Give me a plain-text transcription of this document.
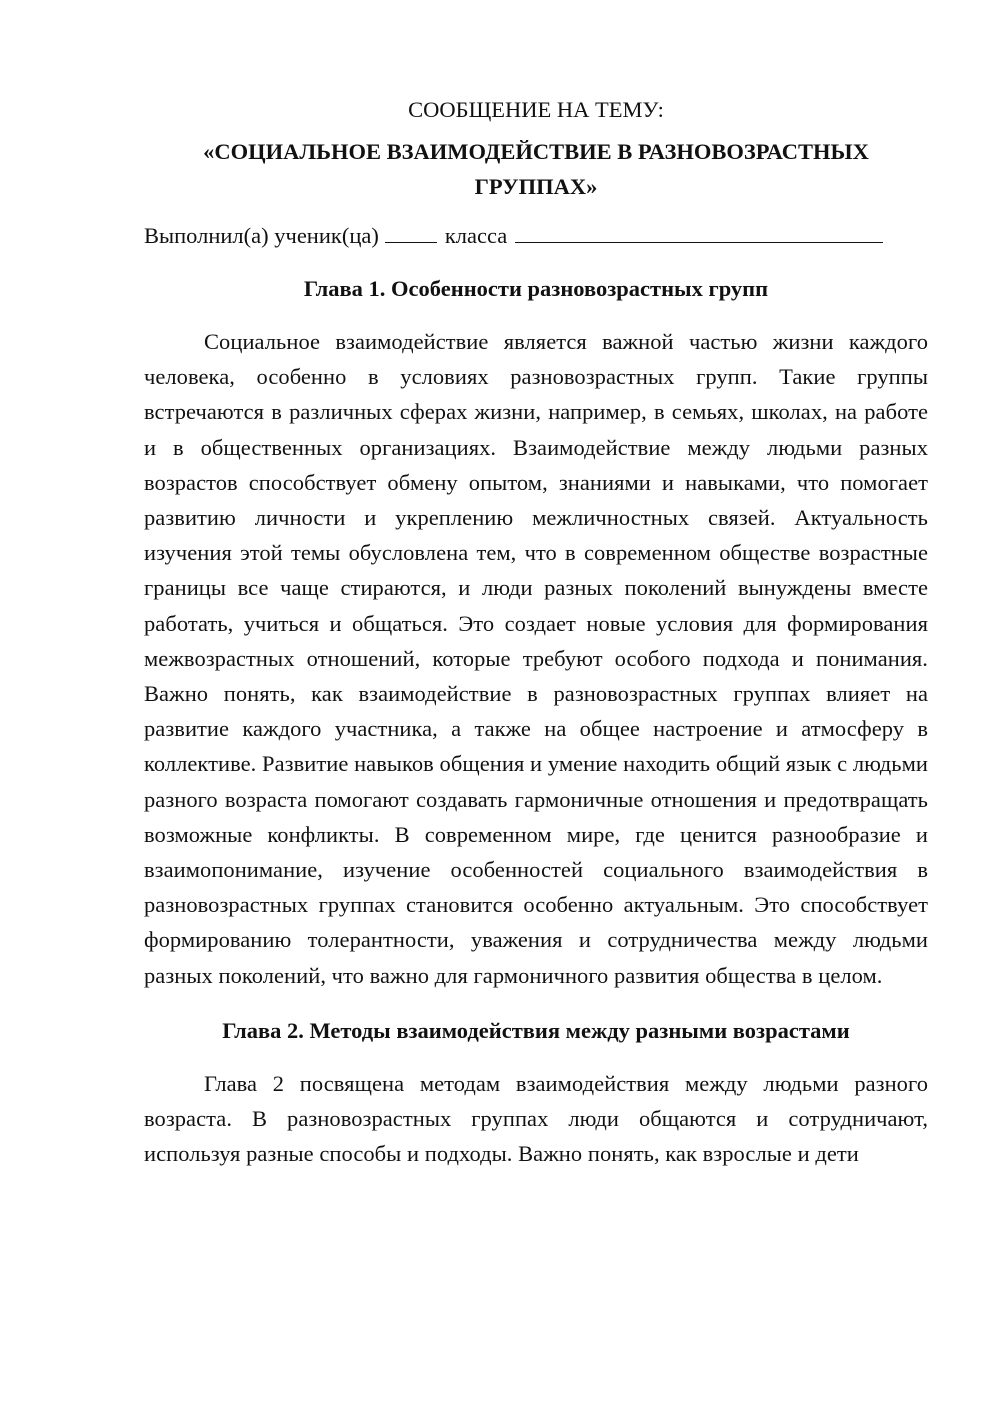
СООБЩЕНИЕ НА ТЕМУ:
«СОЦИАЛЬНОЕ ВЗАИМОДЕЙСТВИЕ В РАЗНОВОЗРАСТНЫХ ГРУППАХ»
Выполнил(а) ученик(ца)	класса
Глава 1. Особенности разновозрастных групп

Социальное взаимодействие является важной частью жизни каждого человека, особенно в условиях разновозрастных групп. Такие группы встречаются в различных сферах жизни, например, в семьях, школах, на работе и в общественных организациях. Взаимодействие между людьми разных возрастов способствует обмену опытом, знаниями и навыками, что помогает развитию личности и укреплению межличностных связей. Актуальность изучения этой темы обусловлена тем, что в современном обществе возрастные границы все чаще стираются, и люди разных поколений вынуждены вместе работать, учиться и общаться. Это создает новые условия для формирования межвозрастных отношений, которые требуют особого подхода и понимания. Важно понять, как взаимодействие в разновозрастных группах влияет на развитие каждого участника, а также на общее настроение и атмосферу в коллективе. Развитие навыков общения и умение находить общий язык с людьми разного возраста помогают создавать гармоничные отношения и предотвращать возможные конфликты. В современном мире, где ценится разнообразие и взаимопонимание, изучение особенностей социального взаимодействия в разновозрастных группах становится особенно актуальным. Это способствует формированию толерантности, уважения и сотрудничества между людьми разных поколений, что важно для гармоничного развития общества в целом.

Глава 2. Методы взаимодействия между разными возрастами

Глава 2 посвящена методам взаимодействия между людьми разного возраста. В разновозрастных группах люди общаются и сотрудничают, используя разные способы и подходы. Важно понять, как взрослые и дети
